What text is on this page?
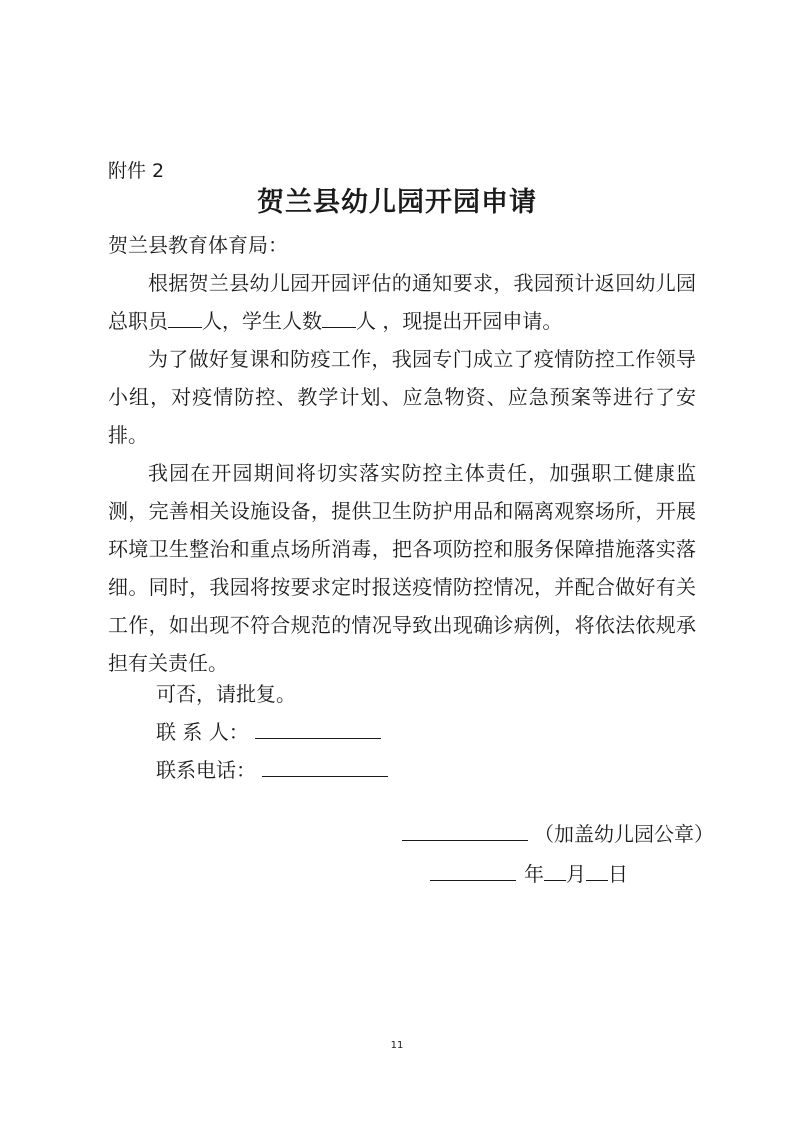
附件 2
贺兰县幼儿园开园申请

贺兰县教育体育局：

根据贺兰县幼儿园开园评估的通知要求，我园预计返回幼儿园总职员 人，学生人数 人 ，现提出开园申请。

为了做好复课和防疫工作，我园专门成立了疫情防控工作领导小组，对疫情防控、教学计划、应急物资、应急预案等进行了安排。

我园在开园期间将切实落实防控主体责任，加强职工健康监测，完善相关设施设备，提供卫生防护用品和隔离观察场所，开展环境卫生整治和重点场所消毒，把各项防控和服务保障措施落实落细。同时，我园将按要求定时报送疫情防控情况，并配合做好有关工作，如出现不符合规范的情况导致出现确诊病例，将依法依规承担有关责任。

可否，请批复。
联 系 人：
联系电话：
（加盖幼儿园公章）
年 月 日
11
